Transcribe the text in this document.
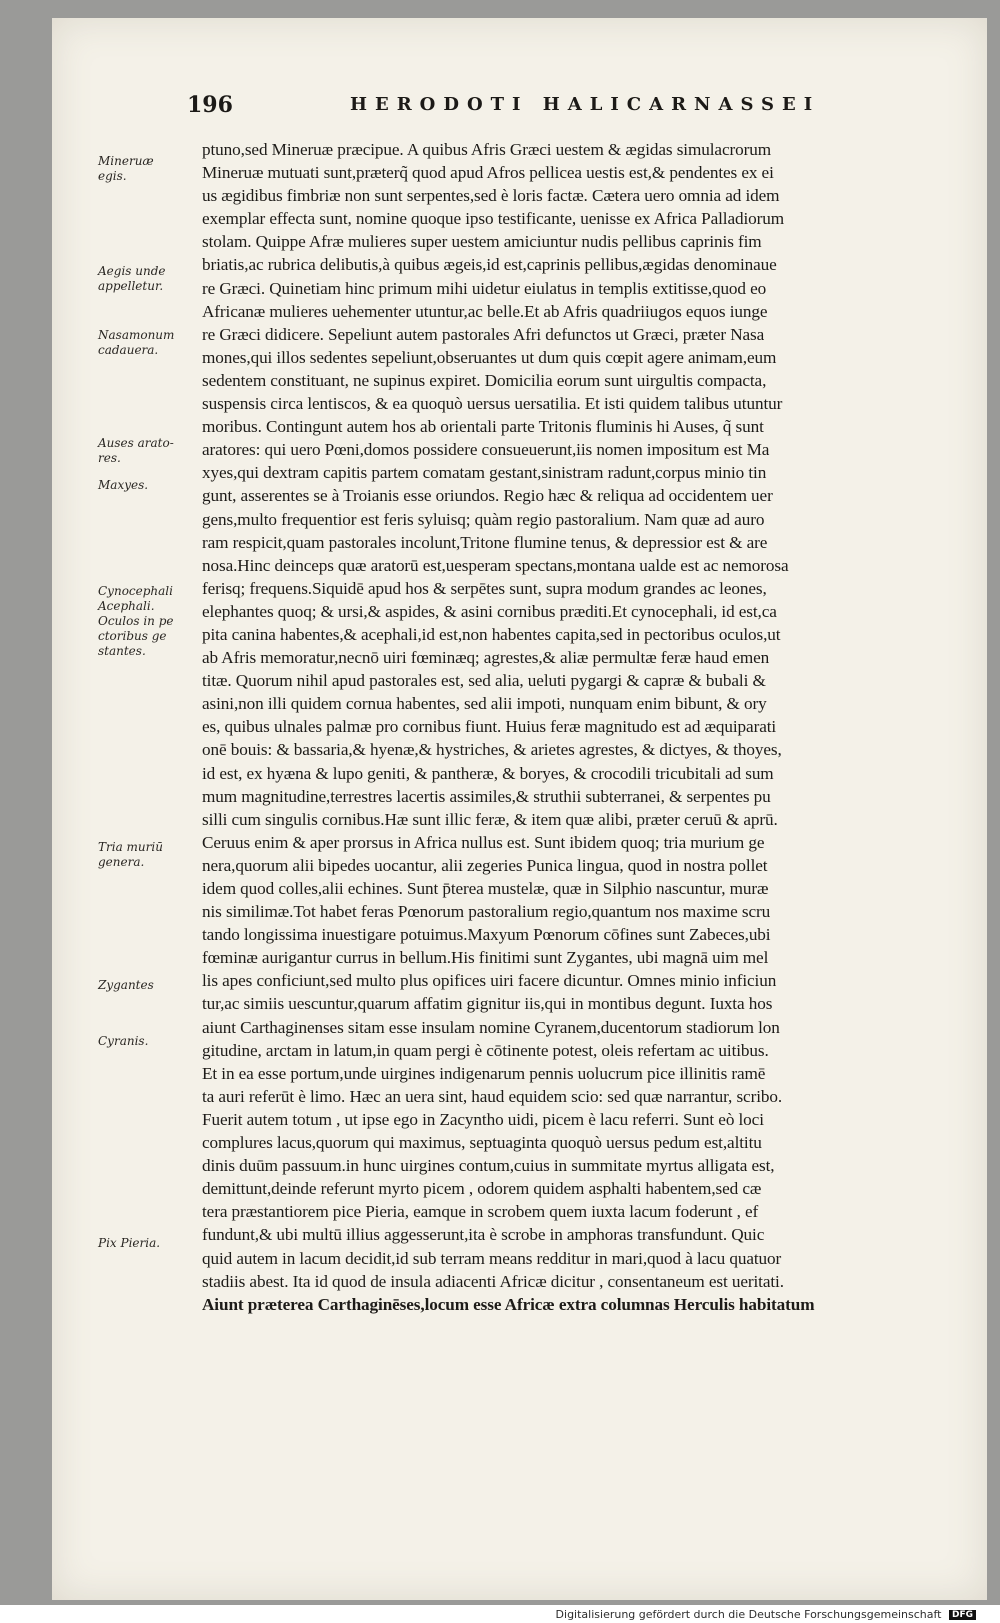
196	HERODOTI HALICARNASSEI
Mineruæ
egis.
Aegis unde
appelletur.
Nasamonum
cadauera.
Auses arato-
res.
Maxyes.
Cynocephali
Acephali.
Oculos in pe
ctoribus ge
stantes.
Tria muriū
genera.
Zygantes
Cyranis.
Pix Pieria.
ptuno,sed Mineruæ præcipue. A quibus Afris Græci uestem & ægidas simulacrorum
Mineruæ mutuati sunt,præterq̃ quod apud Afros pellicea uestis est,& pendentes ex ei
us ægidibus fimbriæ non sunt serpentes,sed è loris factæ. Cætera uero omnia ad idem
exemplar effecta sunt, nomine quoque ipso testificante, uenisse ex Africa Palladiorum
stolam. Quippe Afræ mulieres super uestem amiciuntur nudis pellibus caprinis fim
briatis,ac rubrica delibutis,à quibus ægeis,id est,caprinis pellibus,ægidas denominaue
re Græci. Quinetiam hinc primum mihi uidetur eiulatus in templis extitisse,quod eo
Africanæ mulieres uehementer utuntur,ac belle.Et ab Afris quadriiugos equos iunge
re Græci didicere. Sepeliunt autem pastorales Afri defunctos ut Græci, præter Nasa
mones,qui illos sedentes sepeliunt,obseruantes ut dum quis cœpit agere animam,eum
sedentem constituant, ne supinus expiret. Domicilia eorum sunt uirgultis compacta,
suspensis circa lentiscos, & ea quoquò uersus uersatilia. Et isti quidem talibus utuntur
moribus. Contingunt autem hos ab orientali parte Tritonis fluminis hi Auses, q̃ sunt
aratores: qui uero Pœni,domos possidere consueuerunt,iis nomen impositum est Ma
xyes,qui dextram capitis partem comatam gestant,sinistram radunt,corpus minio tin
gunt, asserentes se à Troianis esse oriundos. Regio hæc & reliqua ad occidentem uer
gens,multo frequentior est feris syluisq; quàm regio pastoralium. Nam quæ ad auro
ram respicit,quam pastorales incolunt,Tritone flumine tenus, & depressior est & are
nosa.Hinc deinceps quæ aratorū est,uesperam spectans,montana ualde est ac nemorosa
ferisq; frequens.Siquidē apud hos & serpētes sunt, supra modum grandes ac leones,
elephantes quoq; & ursi,& aspides, & asini cornibus præditi.Et cynocephali, id est,ca
pita canina habentes,& acephali,id est,non habentes capita,sed in pectoribus oculos,ut
ab Afris memoratur,necnō uiri fœminæq; agrestes,& aliæ permultæ feræ haud emen
titæ. Quorum nihil apud pastorales est, sed alia, ueluti pygargi & capræ & bubali &
asini,non illi quidem cornua habentes, sed alii impoti, nunquam enim bibunt, & ory
es, quibus ulnales palmæ pro cornibus fiunt. Huius feræ magnitudo est ad æquiparati
onē bouis: & bassaria,& hyenæ,& hystriches, & arietes agrestes, & dictyes, & thoyes,
id est, ex hyæna & lupo geniti, & pantheræ, & boryes, & crocodili tricubitali ad sum
mum magnitudine,terrestres lacertis assimiles,& struthii subterranei, & serpentes pu
silli cum singulis cornibus.Hæ sunt illic feræ, & item quæ alibi, præter ceruū & aprū.
Ceruus enim & aper prorsus in Africa nullus est. Sunt ibidem quoq; tria murium ge
nera,quorum alii bipedes uocantur, alii zegeries Punica lingua, quod in nostra pollet
idem quod colles,alii echines. Sunt p̄terea mustelæ, quæ in Silphio nascuntur, muræ
nis similimæ.Tot habet feras Pœnorum pastoralium regio,quantum nos maxime scru
tando longissima inuestigare potuimus.Maxyum Pœnorum cōfines sunt Zabeces,ubi
fœminæ aurigantur currus in bellum.His finitimi sunt Zygantes, ubi magnā uim mel
lis apes conficiunt,sed multo plus opifices uiri facere dicuntur. Omnes minio inficiun
tur,ac simiis uescuntur,quarum affatim gignitur iis,qui in montibus degunt. Iuxta hos
aiunt Carthaginenses sitam esse insulam nomine Cyranem,ducentorum stadiorum lon
gitudine, arctam in latum,in quam pergi è cōtinente potest, oleis refertam ac uitibus.
Et in ea esse portum,unde uirgines indigenarum pennis uolucrum pice illinitis ramē
ta auri referūt è limo. Hæc an uera sint, haud equidem scio: sed quæ narrantur, scribo.
Fuerit autem totum , ut ipse ego in Zacyntho uidi, picem è lacu referri. Sunt eò loci
complures lacus,quorum qui maximus, septuaginta quoquò uersus pedum est,altitu
dinis duūm passuum.in hunc uirgines contum,cuius in summitate myrtus alligata est,
demittunt,deinde referunt myrto picem , odorem quidem asphalti habentem,sed cæ
tera præstantiorem pice Pieria, eamque in scrobem quem iuxta lacum foderunt , ef
fundunt,& ubi multū illius aggesserunt,ita è scrobe in amphoras transfundunt. Quic
quid autem in lacum decidit,id sub terram means redditur in mari,quod à lacu quatuor
stadiis abest. Ita id quod de insula adiacenti Africæ dicitur , consentaneum est ueritati.
Aiunt præterea Carthaginēses,locum esse Africæ extra columnas Herculis habitatum
Digitalisierung gefördert durch die Deutsche Forschungsgemeinschaft DFG
